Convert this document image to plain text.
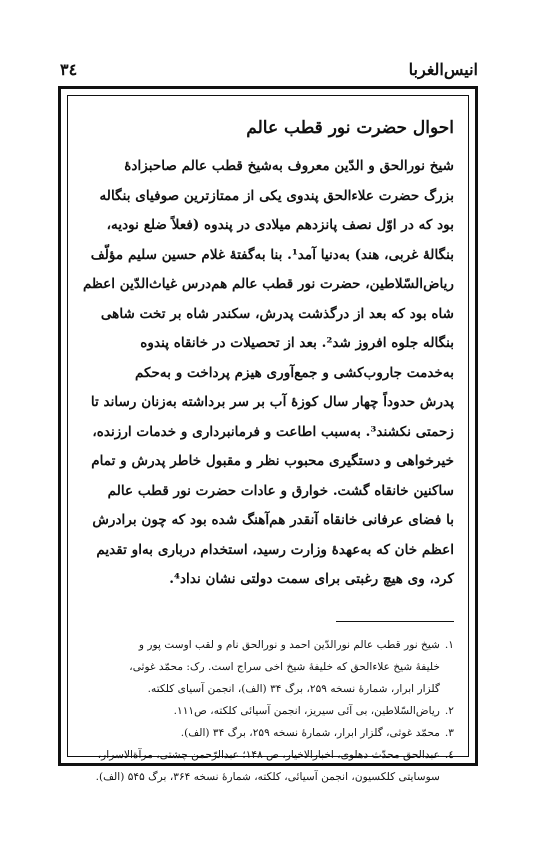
انیس‌الغربا
٣٤
احوال حضرت نور قطب عالم

شیخ نورالحق و الدّین معروف به‌شیخ قطب عالم صاحبزادهٔ

بزرگ حضرت علاءالحق پندوی یکی از ممتازترین صوفیای بنگاله

بود که در اوّل نصف پانزدهم میلادی در پندوه (فعلاً ضلع نودیه،

بنگالهٔ غربی، هند) به‌دنیا آمد¹. بنا به‌گفتهٔ غلام حسین سلیم مؤلّف

ریاض‌السّلاطین، حضرت نور قطب عالم هم‌درس غیاث‌الدّین اعظم

شاه بود که بعد از درگذشت پدرش، سکندر شاه بر تخت شاهی

بنگاله جلوه افروز شد². بعد از تحصیلات در خانقاه پندوه

به‌خدمت جاروب‌کشی و جمع‌آوری هیزم پرداخت و به‌حکم

پدرش حدوداً چهار سال کوزهٔ آب بر سر برداشته به‌زنان رساند تا

زحمتی نکشند³. به‌سبب اطاعت و فرمانبرداری و خدمات ارزنده،

خیرخواهی و دستگیری محبوب نظر و مقبول خاطر پدرش و تمام

ساکنین خانقاه گشت. خوارق و عادات حضرت نور قطب عالم

با فضای عرفانی خانقاه آنقدر هم‌آهنگ شده بود که چون برادرش

اعظم خان که به‌عهدهٔ وزارت رسید، استخدام درباری به‌او تقدیم

کرد، وی هیچ رغبتی برای سمت دولتی نشان نداد⁴.

١.
شیخ نور قطب عالم نورالدّین احمد و نورالحق نام و لقب اوست پور و
خلیفهٔ شیخ علاءالحق که خلیفهٔ شیخ اخی سراج است. رک: محمّد غوثی،
گلزار ابرار، شمارهٔ نسخه ۲۵۹، برگ ۳۴ (الف)، انجمن آسیای کلکته.
٢.
ریاض‌السّلاطین، بی آئی سیریز، انجمن آسیائی کلکته، ص۱۱۱.
٣.
محمّد غوثی، گلزار ابرار، شمارهٔ نسخه ۲۵۹، برگ ۳۴ (الف).
٤.
عبدالحق محدّث دهلوی، اخبارالاخیار، ص ۱۴۸؛ عبدالرّحمن چشتی، مرآةالاسرار،
سوسایتی کلکسیون، انجمن آسیائی، کلکته، شمارهٔ نسخه ۳۶۴، برگ ۵۴۵ (الف).
